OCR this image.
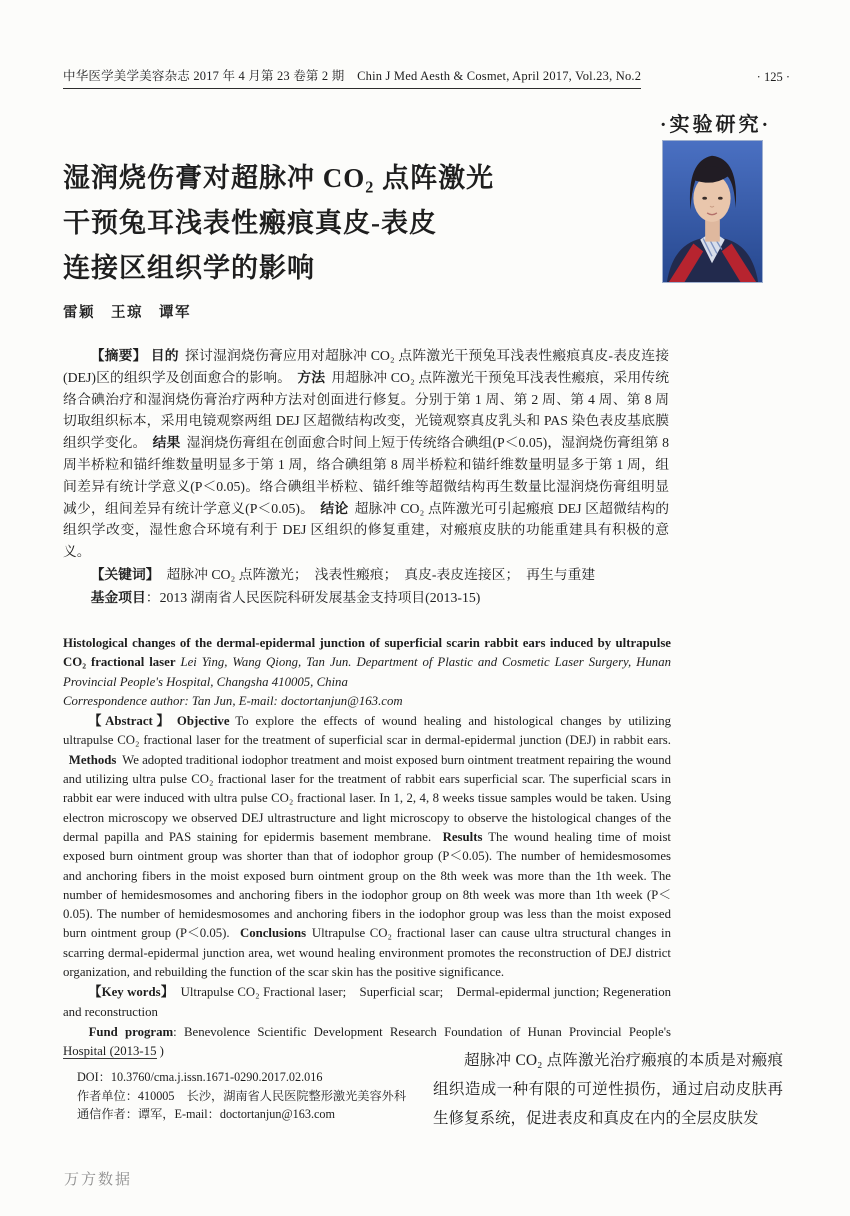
中华医学美学美容杂志 2017 年 4 月第 23 卷第 2 期　Chin J Med Aesth & Cosmet, April 2017, Vol.23, No.2	· 125 ·
·实验研究·
湿润烧伤膏对超脉冲 CO₂ 点阵激光
干预兔耳浅表性瘢痕真皮-表皮
连接区组织学的影响
雷颖　王琼　谭军

【摘要】 目的 探讨湿润烧伤膏应用对超脉冲 CO₂ 点阵激光干预兔耳浅表性瘢痕真皮-表皮连接(DEJ)区的组织学及创面愈合的影响。 方法 用超脉冲 CO₂ 点阵激光干预兔耳浅表性瘢痕，采用传统络合碘治疗和湿润烧伤膏治疗两种方法对创面进行修复。分别于第 1 周、第 2 周、第 4 周、第 8 周切取组织标本，采用电镜观察两组 DEJ 区超微结构改变，光镜观察真皮乳头和 PAS 染色表皮基底膜组织学变化。 结果 湿润烧伤膏组在创面愈合时间上短于传统络合碘组(P＜0.05)，湿润烧伤膏组第 8 周半桥粒和锚纤维数量明显多于第 1 周，络合碘组第 8 周半桥粒和锚纤维数量明显多于第 1 周，组间差异有统计学意义(P＜0.05)。络合碘组半桥粒、锚纤维等超微结构再生数量比湿润烧伤膏组明显减少，组间差异有统计学意义(P＜0.05)。 结论 超脉冲 CO₂ 点阵激光可引起瘢痕 DEJ 区超微结构的组织学改变，湿性愈合环境有利于 DEJ 区组织的修复重建，对瘢痕皮肤的功能重建具有积极的意义。

【关键词】　 超脉冲 CO₂ 点阵激光；　浅表性瘢痕；　真皮-表皮连接区；　再生与重建

基金项目：2013 湖南省人民医院科研发展基金支持项目(2013-15)

Histological changes of the dermal-epidermal junction of superficial scarin rabbit ears induced by ultrapulse CO₂ fractional laser Lei Ying, Wang Qiong, Tan Jun. Department of Plastic and Cosmetic Laser Surgery, Hunan Provincial People's Hospital, Changsha 410005, China

Correspondence author: Tan Jun, E-mail: doctortanjun@163.com

【Abstract】 Objective To explore the effects of wound healing and histological changes by utilizing ultrapulse CO₂ fractional laser for the treatment of superficial scar in dermal-epidermal junction (DEJ) in rabbit ears. Methods We adopted traditional iodophor treatment and moist exposed burn ointment treatment repairing the wound and utilizing ultra pulse CO₂ fractional laser for the treatment of rabbit ears superficial scar. The superficial scars in rabbit ear were induced with ultra pulse CO₂ fractional laser. In 1, 2, 4, 8 weeks tissue samples would be taken. Using electron microscopy we observed DEJ ultrastructure and light microscopy to observe the histological changes of the dermal papilla and PAS staining for epidermis basement membrane. Results The wound healing time of moist exposed burn ointment group was shorter than that of iodophor group (P＜0.05). The number of hemidesmosomes and anchoring fibers in the moist exposed burn ointment group on the 8th week was more than the 1th week. The number of hemidesmosomes and anchoring fibers in the iodophor group on 8th week was more than 1th week (P＜0.05). The number of hemidesmosomes and anchoring fibers in the iodophor group was less than the moist exposed burn ointment group (P＜0.05). Conclusions Ultrapulse CO₂ fractional laser can cause ultra structural changes in scarring dermal-epidermal junction area, wet wound healing environment promotes the reconstruction of DEJ district organization, and rebuilding the function of the scar skin has the positive significance.

【Key words】　 Ultrapulse CO₂ Fractional laser;　Superficial scar;　Dermal-epidermal junction; Regeneration and reconstruction

Fund program: Benevolence Scientific Development Research Foundation of Hunan Provincial People's Hospital (2013-15 )

DOI：10.3760/cma.j.issn.1671-0290.2017.02.016
作者单位：410005　长沙，湖南省人民医院整形激光美容外科
通信作者：谭军，E-mail：doctortanjun@163.com
超脉冲 CO₂ 点阵激光治疗瘢痕的本质是对瘢痕组织造成一种有限的可逆性损伤，通过启动皮肤再生修复系统，促进表皮和真皮在内的全层皮肤发
万方数据
